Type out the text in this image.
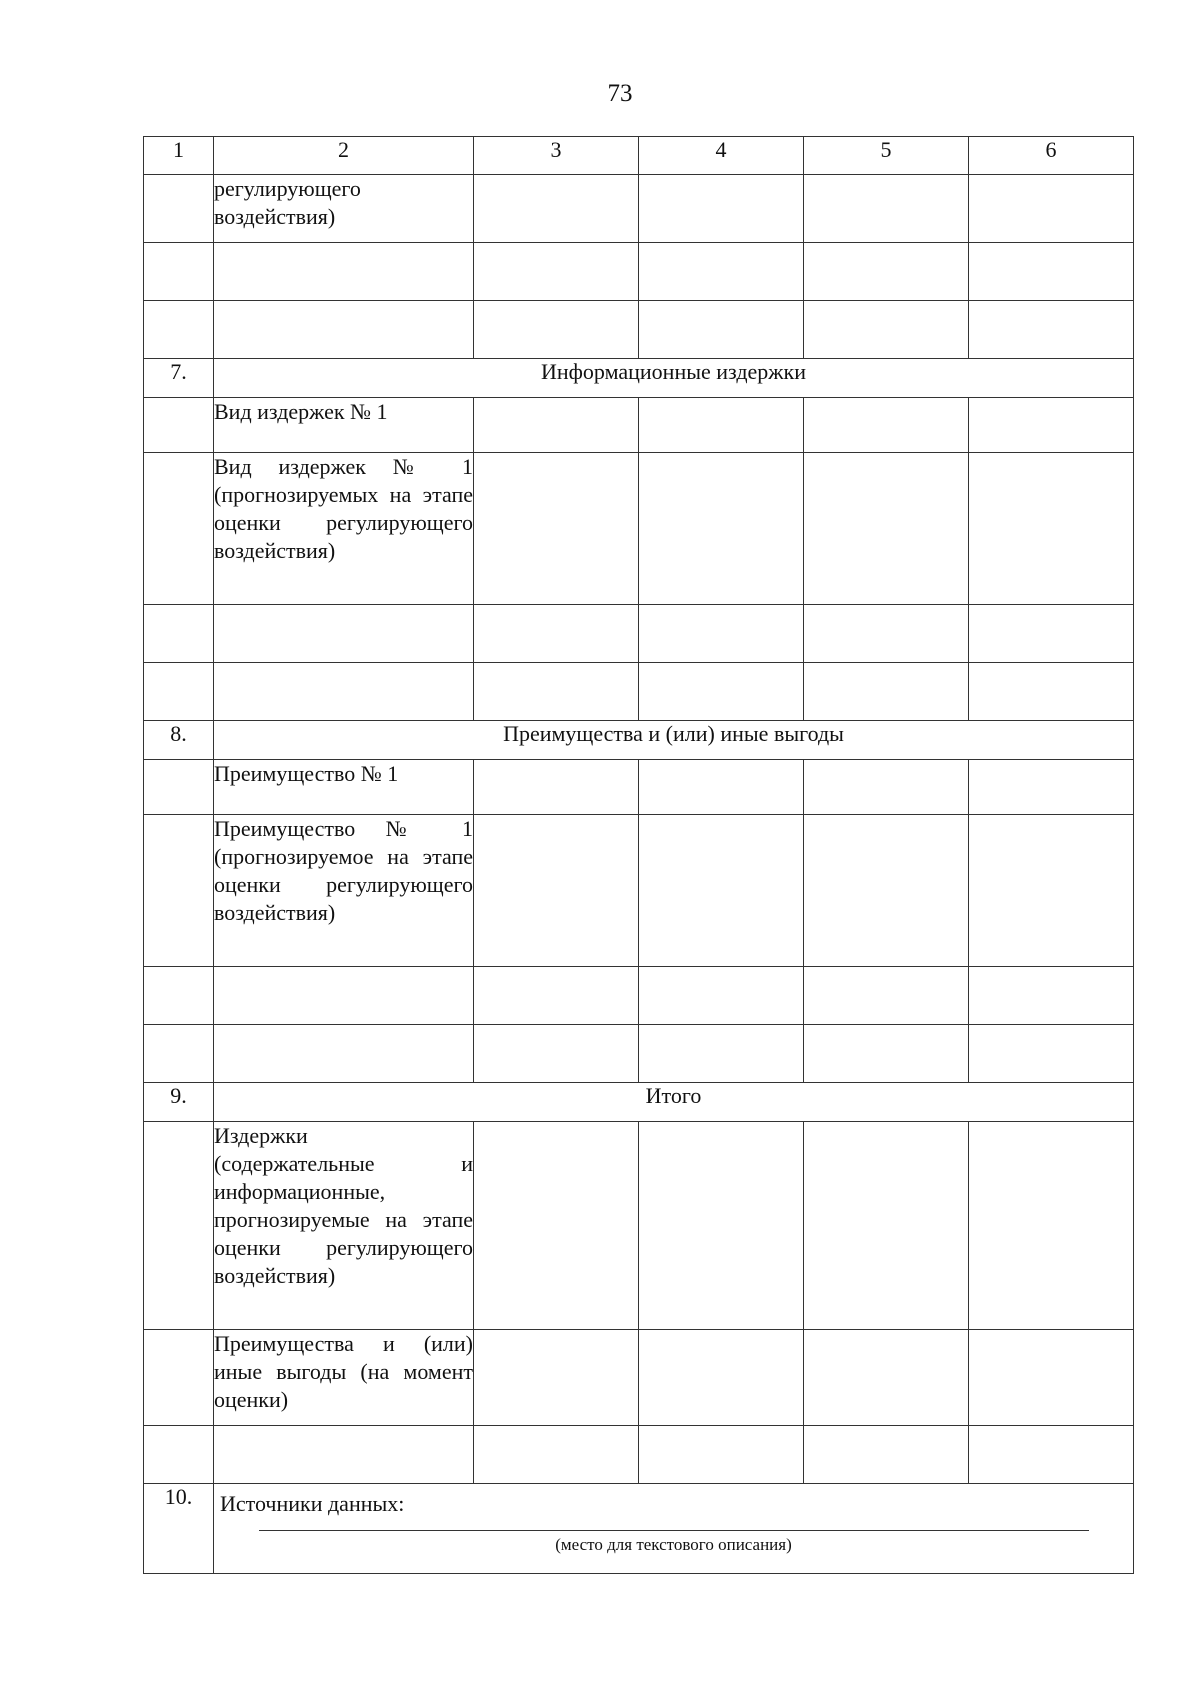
73
1	2	3	4	5	6
	регулирующего воздействия)				

7.	Информационные издержки				
	Вид издержек № 1				
	Вид издержек № 1 (прогнозируемых на этапе оценки регулирующего воздействия)				

8.	Преимущества и (или) иные выгоды				
	Преимущество № 1				
	Преимущество № 1 (прогнозируемое на этапе оценки регулирующего воздействия)				

9.	Итого				
	Издержки (содержательные и информационные, прогнозируемые на этапе оценки регулирующего воздействия)				
	Преимущества и (или) иные выгоды (на момент оценки)				

10.	Источники данных:
(место для текстового описания)				
